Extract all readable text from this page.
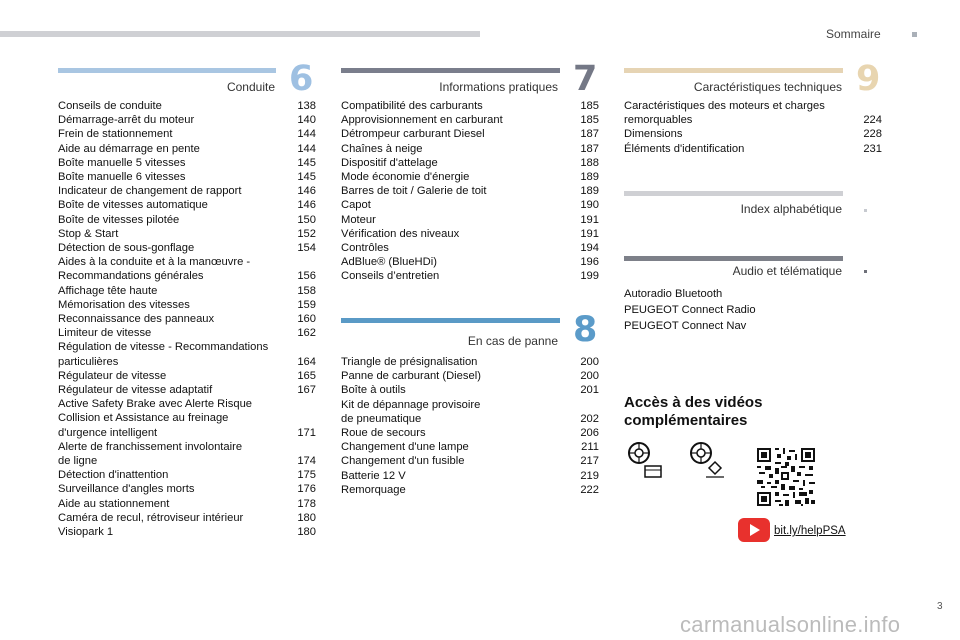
Sommaire
Conduite 6
Conseils de conduite	138
Démarrage-arrêt du moteur	140
Frein de stationnement	144
Aide au démarrage en pente	144
Boîte manuelle 5 vitesses	145
Boîte manuelle 6 vitesses	145
Indicateur de changement de rapport	146
Boîte de vitesses automatique	146
Boîte de vitesses pilotée	150
Stop & Start	152
Détection de sous-gonflage	154
Aides à la conduite et à la manœuvre -
Recommandations générales	156
Affichage tête haute	158
Mémorisation des vitesses	159
Reconnaissance des panneaux	160
Limiteur de vitesse	162
Régulation de vitesse - Recommandations
particulières	164
Régulateur de vitesse	165
Régulateur de vitesse adaptatif	167
Active Safety Brake avec Alerte Risque
Collision et Assistance au freinage
d'urgence intelligent	171
Alerte de franchissement involontaire
de ligne	174
Détection d'inattention	175
Surveillance d'angles morts	176
Aide au stationnement	178
Caméra de recul, rétroviseur intérieur	180
Visiopark 1	180
Informations pratiques 7
Compatibilité des carburants	185
Approvisionnement en carburant	185
Détrompeur carburant Diesel	187
Chaînes à neige	187
Dispositif d'attelage	188
Mode économie d'énergie	189
Barres de toit / Galerie de toit	189
Capot	190
Moteur	191
Vérification des niveaux	191
Contrôles	194
AdBlue® (BlueHDi)	196
Conseils d’entretien	199
En cas de panne 8
Triangle de présignalisation	200
Panne de carburant (Diesel)	200
Boîte à outils	201
Kit de dépannage provisoire
de pneumatique	202
Roue de secours	206
Changement d'une lampe	211
Changement d'un fusible	217
Batterie 12 V	219
Remorquage	222
Caractéristiques techniques 9
Caractéristiques des moteurs et charges
remorquables	224
Dimensions	228
Éléments d'identification	231
Index alphabétique
Audio et télématique
Autoradio Bluetooth
PEUGEOT Connect Radio
PEUGEOT Connect Nav
Accès à des vidéos
complémentaires
bit.ly/helpPSA
carmanualsonline.info
3
